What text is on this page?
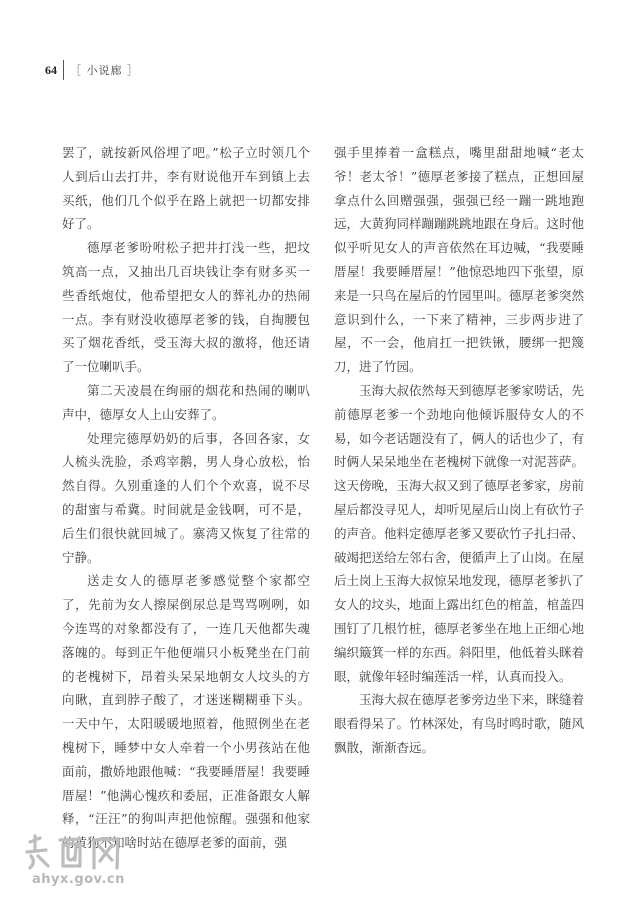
64 ［ 小说廊 ］

罢了，就按新风俗埋了吧。”松子立时领几个人到后山去打井，李有财说他开车到镇上去买纸，他们几个似乎在路上就把一切都安排好了。

德厚老爹吩咐松子把井打浅一些，把坟筑高一点，又抽出几百块钱让李有财多买一些香纸炮仗，他希望把女人的葬礼办的热闹一点。李有财没收德厚老爹的钱，自掏腰包买了烟花香纸，受玉海大叔的激将，他还请了一位喇叭手。

第二天凌晨在绚丽的烟花和热闹的喇叭声中，德厚女人上山安葬了。

处理完德厚奶奶的后事，各回各家，女人梳头洗脸，杀鸡宰鹅，男人身心放松，怡然自得。久别重逢的人们个个欢喜，说不尽的甜蜜与希冀。时间就是金钱啊，可不是，后生们很快就回城了。寨湾又恢复了往常的宁静。

送走女人的德厚老爹感觉整个家都空了，先前为女人擦屎倒尿总是骂骂咧咧，如今连骂的对象都没有了，一连几天他都失魂落魄的。每到正午他便端只小板凳坐在门前的老槐树下，昂着头呆呆地朝女人坟头的方向瞅，直到脖子酸了，才迷迷糊糊垂下头。一天中午，太阳暖暖地照着，他照例坐在老槐树下，睡梦中女人牵着一个小男孩站在他面前，撒娇地跟他喊：“我要睡厝屋！我要睡厝屋！”他满心愧疚和委屈，正准备跟女人解释，“汪汪”的狗叫声把他惊醒。强强和他家的黄狗不知啥时站在德厚老爹的面前，强

强手里捧着一盒糕点，嘴里甜甜地喊“老太爷！老太爷！”德厚老爹接了糕点，正想回屋拿点什么回赠强强，强强已经一蹦一跳地跑远，大黄狗同样蹦蹦跳跳地跟在身后。这时他似乎听见女人的声音依然在耳边喊，“我要睡厝屋！我要睡厝屋！”他惊恐地四下张望，原来是一只鸟在屋后的竹园里叫。德厚老爹突然意识到什么，一下来了精神，三步两步进了屋，不一会，他肩扛一把铁锹，腰绑一把篾刀，进了竹园。

玉海大叔依然每天到德厚老爹家唠话，先前德厚老爹一个劲地向他倾诉服侍女人的不易，如今老话题没有了，俩人的话也少了，有时俩人呆呆地坐在老槐树下就像一对泥菩萨。这天傍晚，玉海大叔又到了德厚老爹家，房前屋后都没寻见人，却听见屋后山岗上有砍竹子的声音。他料定德厚老爹又要砍竹子扎扫帚、破竭把送给左邻右舍，便循声上了山岗。在屋后土岗上玉海大叔惊呆地发现，德厚老爹扒了女人的坟头，地面上露出红色的棺盖，棺盖四围钉了几根竹桩，德厚老爹坐在地上正细心地编织簸箕一样的东西。斜阳里，他低着头眯着眼，就像年轻时编莲活一样，认真而投入。

玉海大叔在德厚老爹旁边坐下来，眯缝着眼看得呆了。竹林深处，有鸟时鸣时歌，随风飘散，渐渐杳远。

ahyx.gov.cn
